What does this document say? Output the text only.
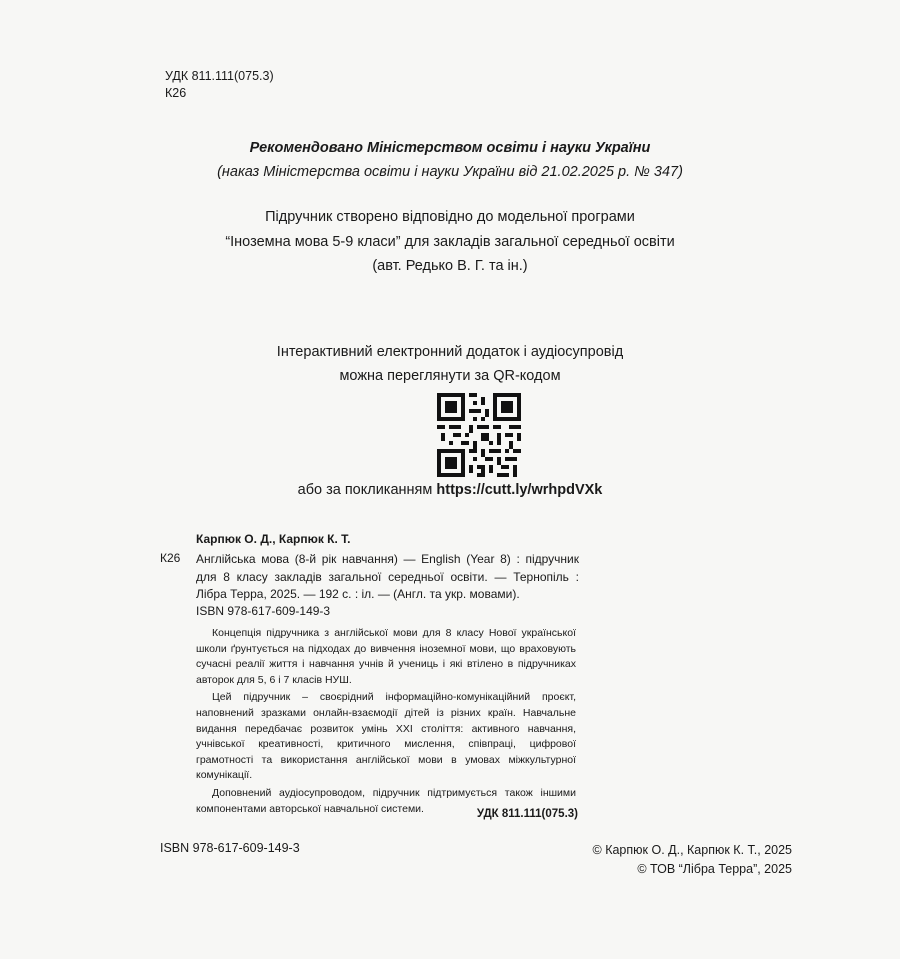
УДК 811.111(075.3)
К26
Рекомендовано Міністерством освіти і науки України
(наказ Міністерства освіти і науки України від 21.02.2025 р. № 347)
Підручник створено відповідно до модельної програми
“Іноземна мова 5-9 класи” для закладів загальної середньої освіти
(авт. Редько В. Г. та ін.)
Інтерактивний електронний додаток і аудіосупровід
можна переглянути за QR-кодом
або за покликанням https://cutt.ly/wrhpdVXk
Карпюк О. Д., Карпюк К. Т.
К26 Англійська мова (8-й рік навчання) — English (Year 8) : підручник для 8 класу закладів загальної середньої освіти. — Тернопіль : Лібра Терра, 2025. — 192 с. : іл. — (Англ. та укр. мовами).
ISBN 978-617-609-149-3

Концепція підручника з англійської мови для 8 класу Нової української школи ґрунтується на підходах до вивчення іноземної мови, що враховують сучасні реалії життя і навчання учнів й учениць і які втілено в підручниках авторок для 5, 6 і 7 класів НУШ.

Цей підручник – своєрідний інформаційно-комунікаційний проєкт, наповнений зразками онлайн-взаємодії дітей із різних країн. Навчальне видання передбачає розвиток умінь XXI століття: активного навчання, учнівської креативності, критичного мислення, співпраці, цифрової грамотності та використання англійської мови в умовах міжкультурної комунікації.

Доповнений аудіосупроводом, підручник підтримується також іншими компонентами авторської навчальної системи.	УДК 811.111(075.3)
ISBN 978-617-609-149-3	© Карпюк О. Д., Карпюк К. Т., 2025
© ТОВ “Лібра Терра”, 2025
